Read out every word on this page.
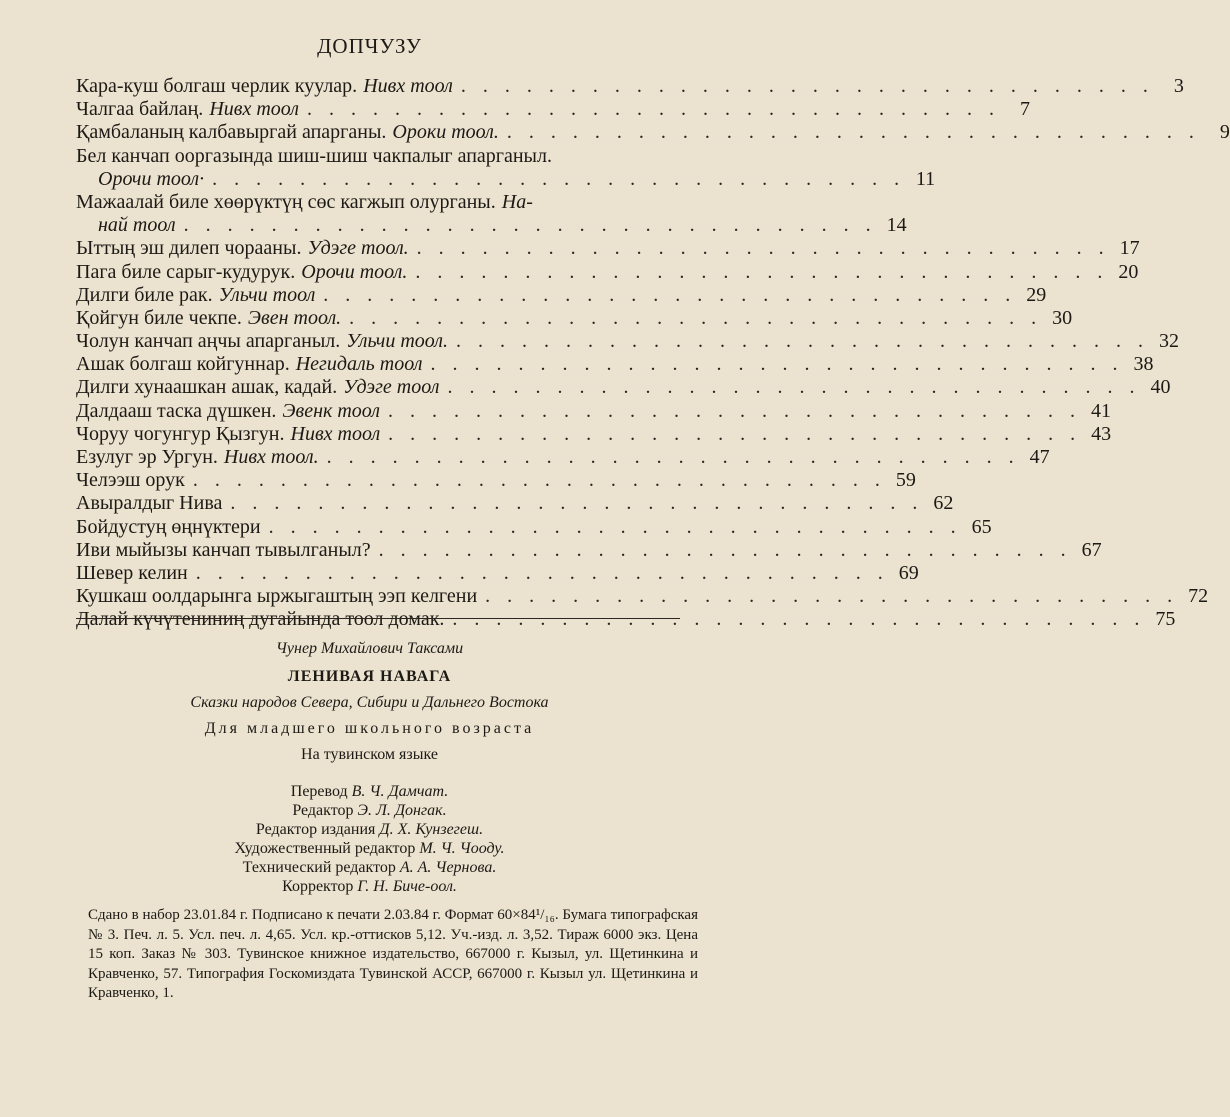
ДОПЧУЗУ
Кара-куш болгаш черлик куулар. Нивх тоол . . . . . . . . . . . . . . . . . . . . . . . . . . . . . . . .	3
Чалгаа байлаң. Нивх тоол . . . . . . . . . . . . . . . . . . . . . . . . . . . . . . . .	7
Қамбаланың калбавыргай апарганы. Ороки тоол. . . . . . . . . . . . . . . . . . . . . . . . . . . . . . . . .	9
Бел канчап ооргазында шиш-шиш чакпалыг апарганыл.
Орочи тоол· . . . . . . . . . . . . . . . . . . . . . . . . . . . . . . . . 11
Мажаалай биле хөөрүктүң сөс кагжып олурганы. На-
най тоол . . . . . . . . . . . . . . . . . . . . . . . . . . . . . . . . 14
Ыттың эш дилеп чорааны. Удэге тоол. . . . . . . . . . . . . . . . . . . . . . . . . . . . . . . . . 17
Пага биле сарыг-кудурук. Орочи тоол. . . . . . . . . . . . . . . . . . . . . . . . . . . . . . . . . 20
Дилги биле рак. Ульчи тоол . . . . . . . . . . . . . . . . . . . . . . . . . . . . . . . . 29
Қойгун биле чекпе. Эвен тоол. . . . . . . . . . . . . . . . . . . . . . . . . . . . . . . . . 30
Чолун канчап аңчы апарганыл. Ульчи тоол. . . . . . . . . . . . . . . . . . . . . . . . . . . . . . . . . 32
Ашак болгаш койгуннар. Негидаль тоол . . . . . . . . . . . . . . . . . . . . . . . . . . . . . . . . 38
Дилги хунаашкан ашак, кадай. Удэге тоол . . . . . . . . . . . . . . . . . . . . . . . . . . . . . . . . 40
Далдааш таска дүшкен. Эвенк тоол . . . . . . . . . . . . . . . . . . . . . . . . . . . . . . . . 41
Чоруу чогунгур Қызгун. Нивх тоол . . . . . . . . . . . . . . . . . . . . . . . . . . . . . . . . 43
Езулуг эр Ургун. Нивх тоол. . . . . . . . . . . . . . . . . . . . . . . . . . . . . . . . . 47
Челээш орук . . . . . . . . . . . . . . . . . . . . . . . . . . . . . . . . 59
Авыралдыг Нива . . . . . . . . . . . . . . . . . . . . . . . . . . . . . . . . 62
Бойдустуң өңнүктери . . . . . . . . . . . . . . . . . . . . . . . . . . . . . . . . 65
Иви мыйызы канчап тывылганыл? . . . . . . . . . . . . . . . . . . . . . . . . . . . . . . . . 67
Шевер келин . . . . . . . . . . . . . . . . . . . . . . . . . . . . . . . . 69
Кушкаш оолдарынга ыржыгаштың ээп келгени . . . . . . . . . . . . . . . . . . . . . . . . . . . . . . . . 72
Далай күчүтениниң дугайында тоол домак. . . . . . . . . . . . . . . . . . . . . . . . . . . . . . . . . 75
Чунер Михайлович Таксами
ЛЕНИВАЯ НАВАГА
Сказки народов Севера, Сибири и Дальнего Востока
Для младшего школьного возраста
На тувинском языке
Перевод В. Ч. Дамчат.
Редактор Э. Л. Донгак.
Редактор издания Д. Х. Кунзегеш.
Художественный редактор М. Ч. Чооду.
Технический редактор А. А. Чернова.
Корректор Г. Н. Биче-оол.
Сдано в набор 23.01.84 г. Подписано к печати 2.03.84 г. Формат 60×84¹/₁₆. Бумага типографская № 3. Печ. л. 5. Усл. печ. л. 4,65. Усл. кр.-оттисков 5,12. Уч.-изд. л. 3,52. Тираж 6000 экз. Цена 15 коп. Заказ № 303. Тувинское книжное издательство, 667000 г. Кызыл, ул. Щетинкина и Кравченко, 57. Типография Госкомиздата Тувинской АССР, 667000 г. Кызыл ул. Щетинкина и Кравченко, 1.
